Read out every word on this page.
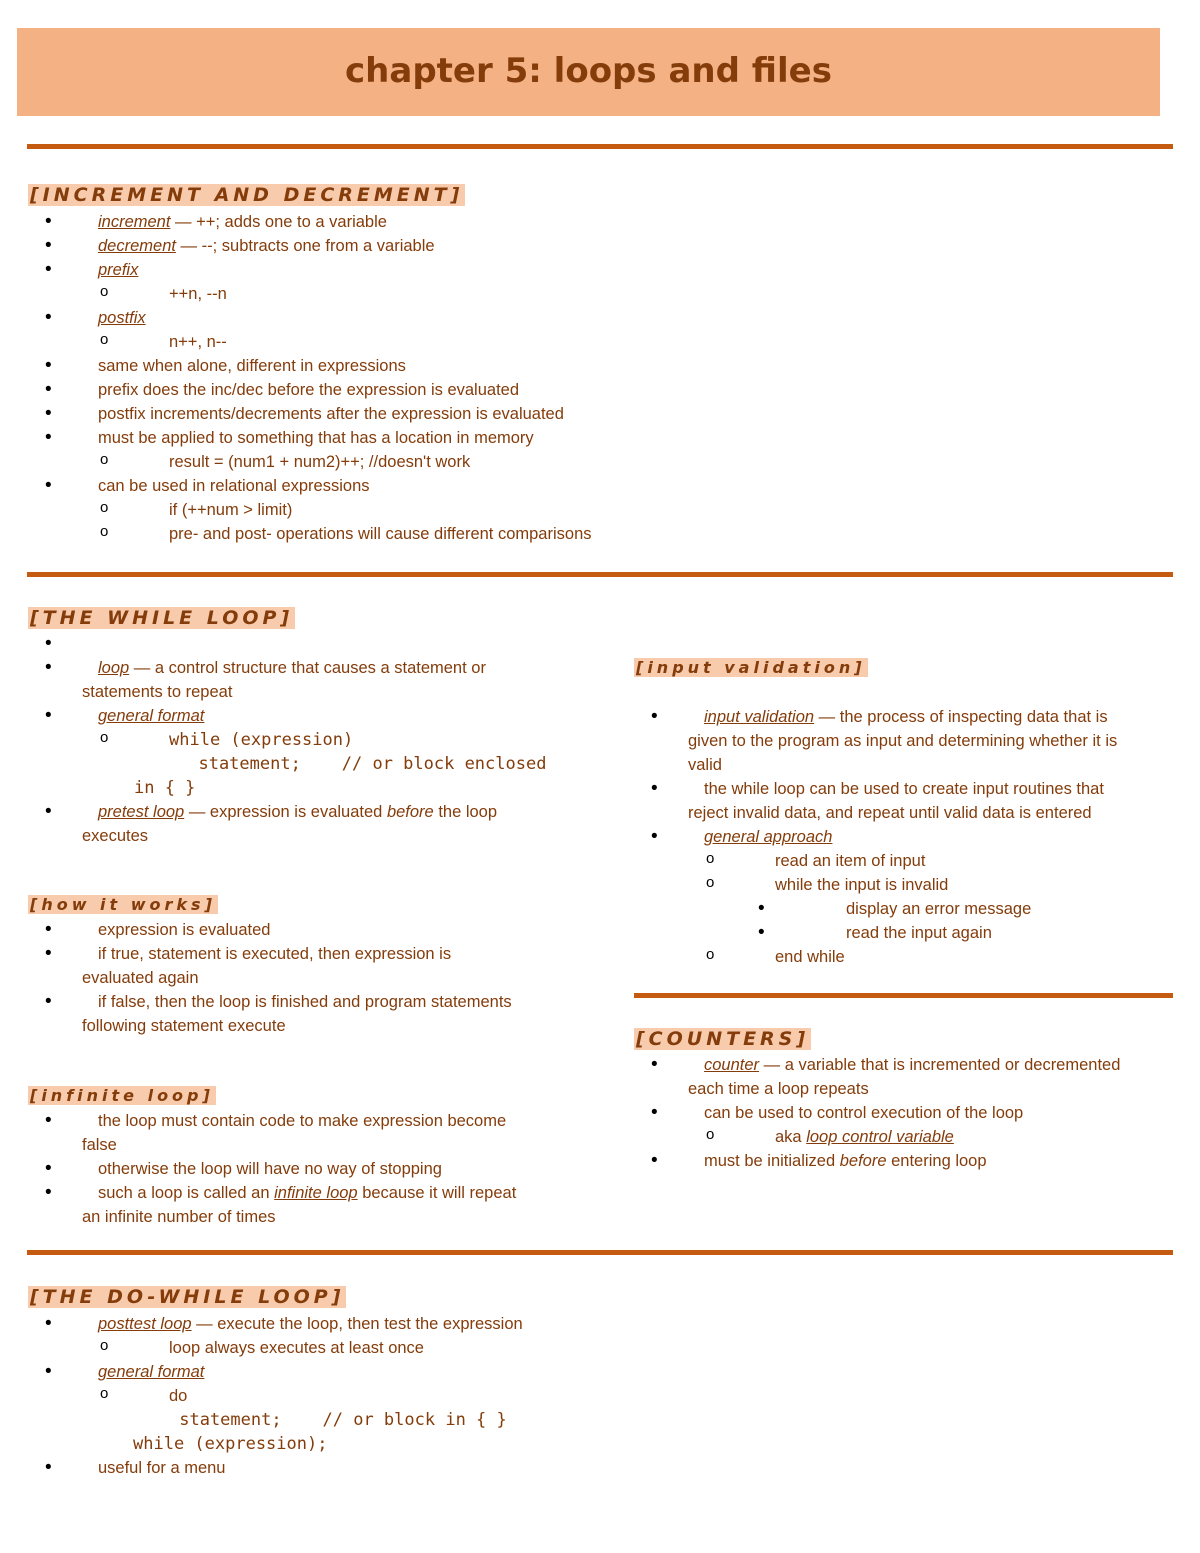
chapter 5: loops and files
[INCREMENT AND DECREMENT]
• increment — ++; adds one to a variable
• decrement — --; subtracts one from a variable
• prefix
o ++n, --n
• postfix
o n++, n--
• same when alone, different in expressions
• prefix does the inc/dec before the expression is evaluated
• postfix increments/decrements after the expression is evaluated
• must be applied to something that has a location in memory
o result = (num1 + num2)++; //doesn't work
• can be used in relational expressions
o if (++num > limit)
o pre- and post- operations will cause different comparisons
[THE WHILE LOOP]
•
• loop — a control structure that causes a statement or
statements to repeat
• general format
o while (expression)
statement;    // or block enclosed
in { }
• pretest loop — expression is evaluated before the loop
executes
[how it works]
• expression is evaluated
• if true, statement is executed, then expression is
evaluated again
• if false, then the loop is finished and program statements
following statement execute
[infinite loop]
• the loop must contain code to make expression become
false
• otherwise the loop will have no way of stopping
• such a loop is called an infinite loop because it will repeat
an infinite number of times
[input validation]
• input validation — the process of inspecting data that is
given to the program as input and determining whether it is
valid
• the while loop can be used to create input routines that
reject invalid data, and repeat until valid data is entered
• general approach
o read an item of input
o while the input is invalid
• display an error message
• read the input again
o end while
[COUNTERS]
• counter — a variable that is incremented or decremented
each time a loop repeats
• can be used to control execution of the loop
o aka loop control variable
• must be initialized before entering loop
[THE DO-WHILE LOOP]
• posttest loop — execute the loop, then test the expression
o loop always executes at least once
• general format
o do
statement;    // or block in { }
while (expression);
• useful for a menu
